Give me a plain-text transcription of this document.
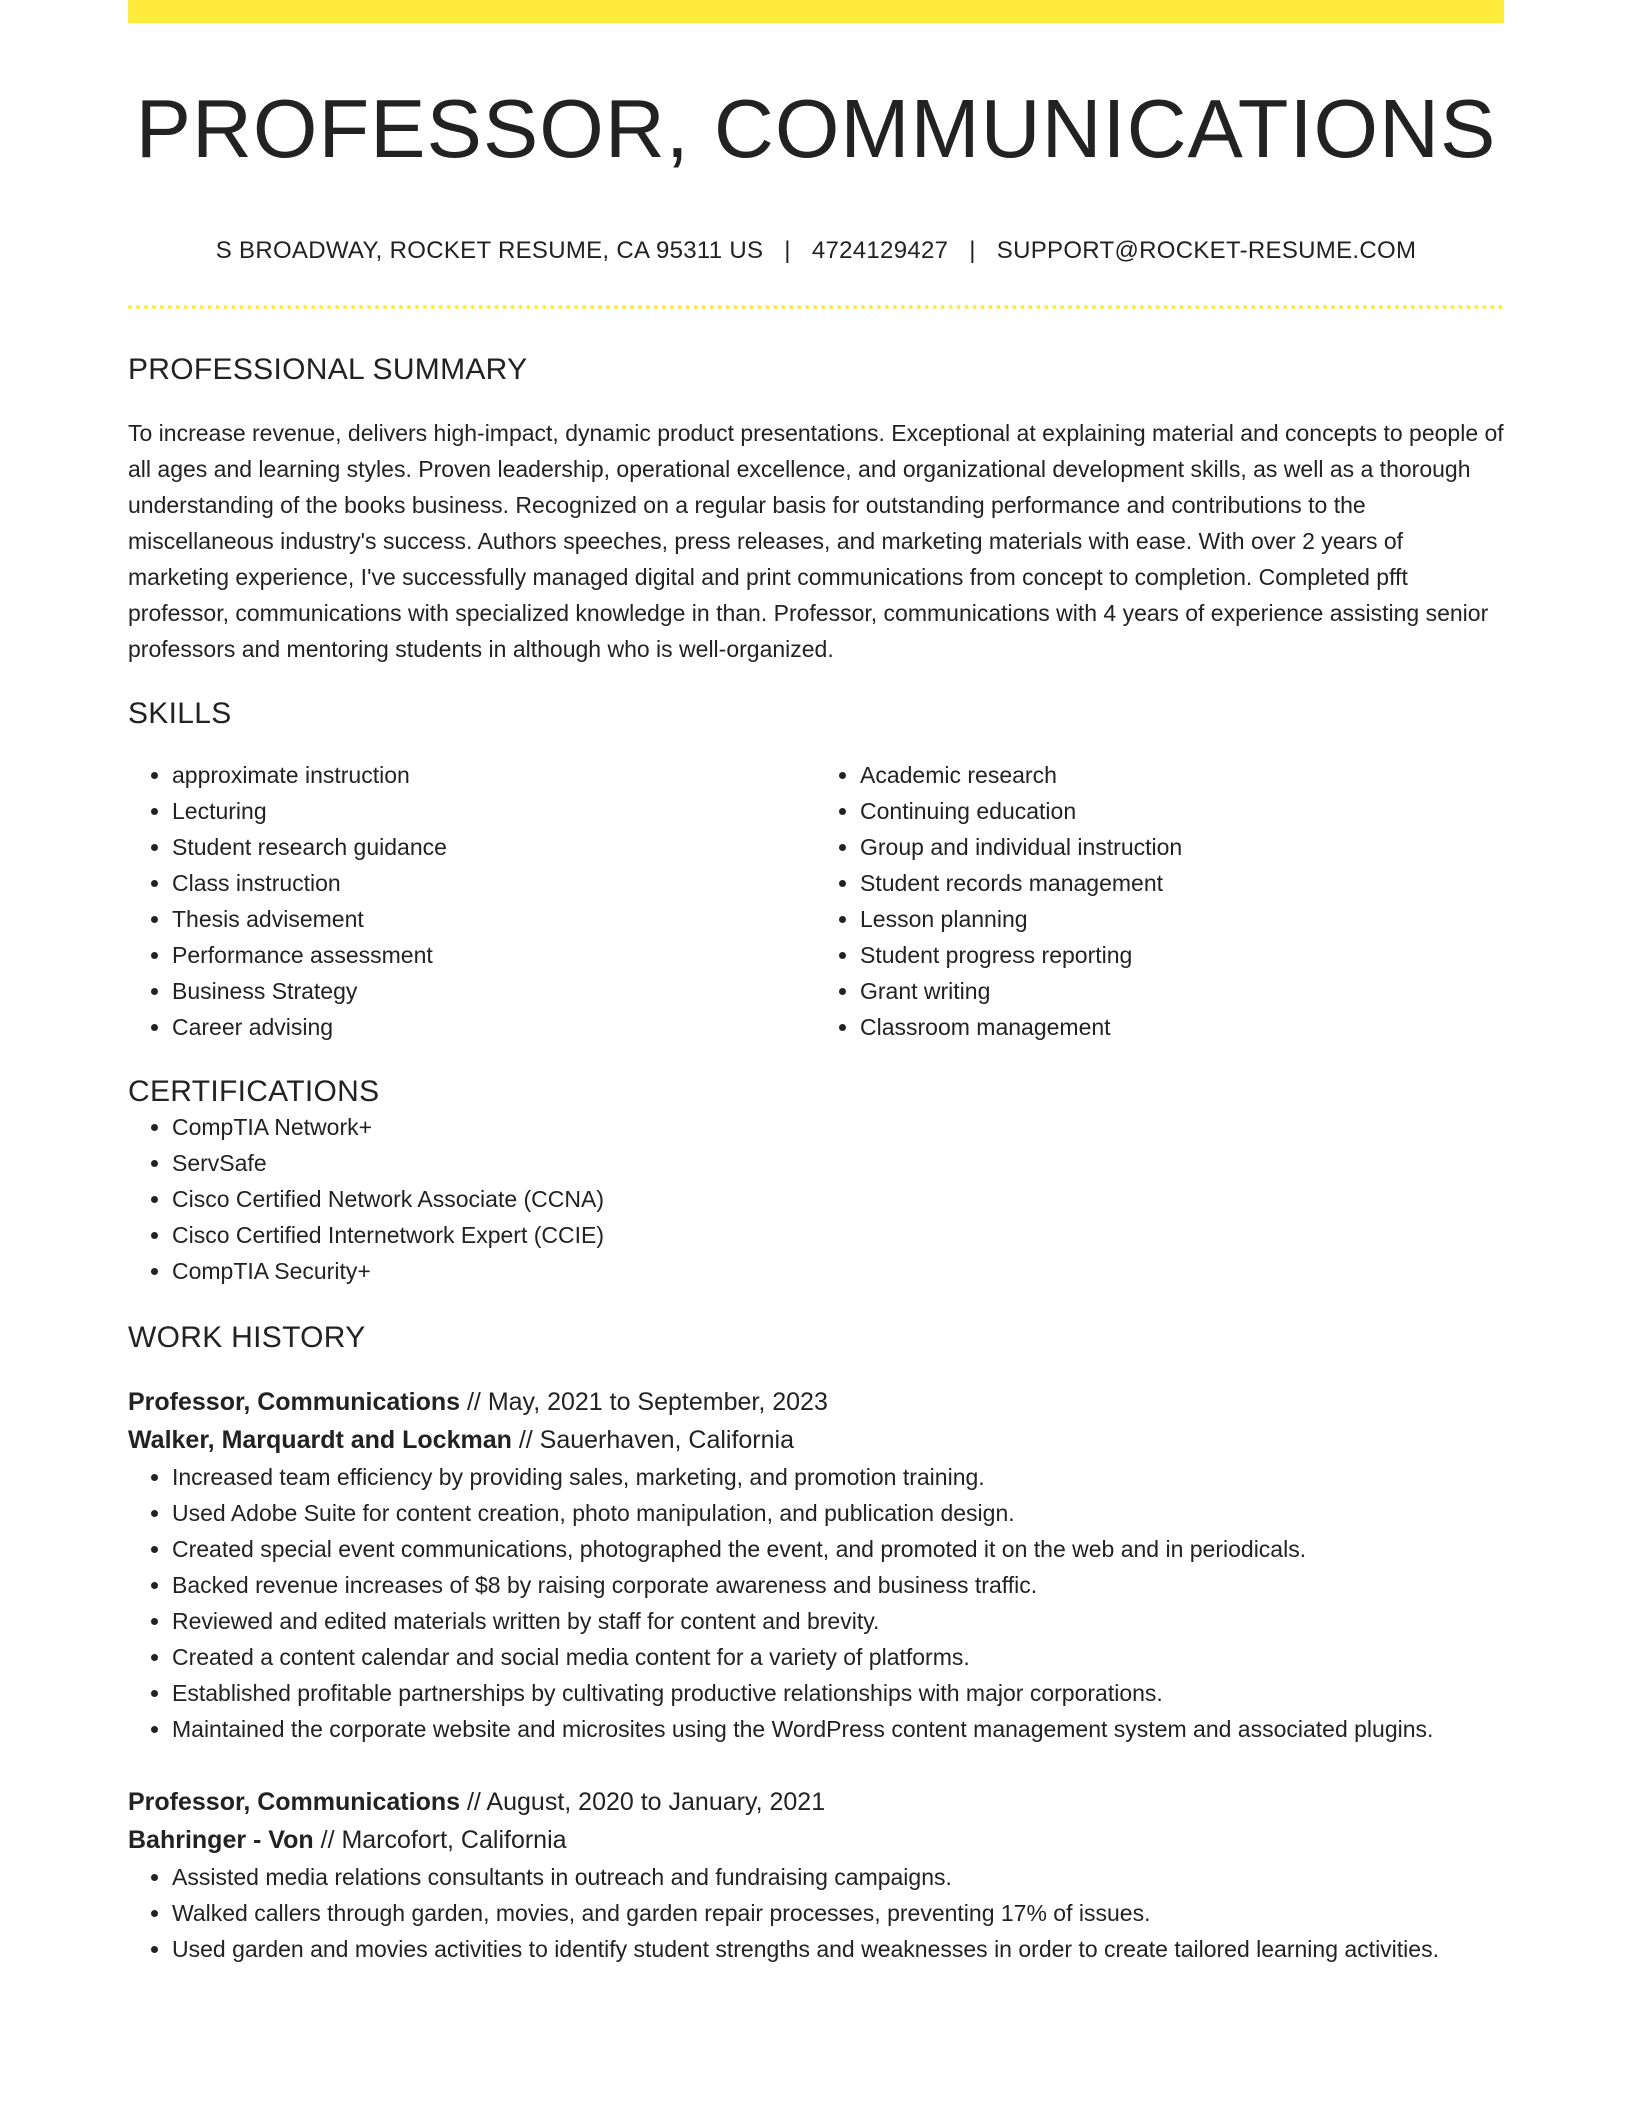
PROFESSOR, COMMUNICATIONS
S BROADWAY, ROCKET RESUME, CA 95311 US | 4724129427 | SUPPORT@ROCKET-RESUME.COM
PROFESSIONAL SUMMARY

To increase revenue, delivers high-impact, dynamic product presentations. Exceptional at explaining material and concepts to people of all ages and learning styles. Proven leadership, operational excellence, and organizational development skills, as well as a thorough understanding of the books business. Recognized on a regular basis for outstanding performance and contributions to the miscellaneous industry's success. Authors speeches, press releases, and marketing materials with ease. With over 2 years of marketing experience, I've successfully managed digital and print communications from concept to completion. Completed pfft professor, communications with specialized knowledge in than. Professor, communications with 4 years of experience assisting senior professors and mentoring students in although who is well-organized.

SKILLS
• approximate instruction
• Lecturing
• Student research guidance
• Class instruction
• Thesis advisement
• Performance assessment
• Business Strategy
• Career advising
• Academic research
• Continuing education
• Group and individual instruction
• Student records management
• Lesson planning
• Student progress reporting
• Grant writing
• Classroom management
CERTIFICATIONS
• CompTIA Network+
• ServSafe
• Cisco Certified Network Associate (CCNA)
• Cisco Certified Internetwork Expert (CCIE)
• CompTIA Security+
WORK HISTORY
Professor, Communications // May, 2021 to September, 2023
Walker, Marquardt and Lockman // Sauerhaven, California
• Increased team efficiency by providing sales, marketing, and promotion training.
• Used Adobe Suite for content creation, photo manipulation, and publication design.
• Created special event communications, photographed the event, and promoted it on the web and in periodicals.
• Backed revenue increases of $8 by raising corporate awareness and business traffic.
• Reviewed and edited materials written by staff for content and brevity.
• Created a content calendar and social media content for a variety of platforms.
• Established profitable partnerships by cultivating productive relationships with major corporations.
• Maintained the corporate website and microsites using the WordPress content management system and associated plugins.
Professor, Communications // August, 2020 to January, 2021
Bahringer - Von // Marcofort, California
• Assisted media relations consultants in outreach and fundraising campaigns.
• Walked callers through garden, movies, and garden repair processes, preventing 17% of issues.
• Used garden and movies activities to identify student strengths and weaknesses in order to create tailored learning activities.
